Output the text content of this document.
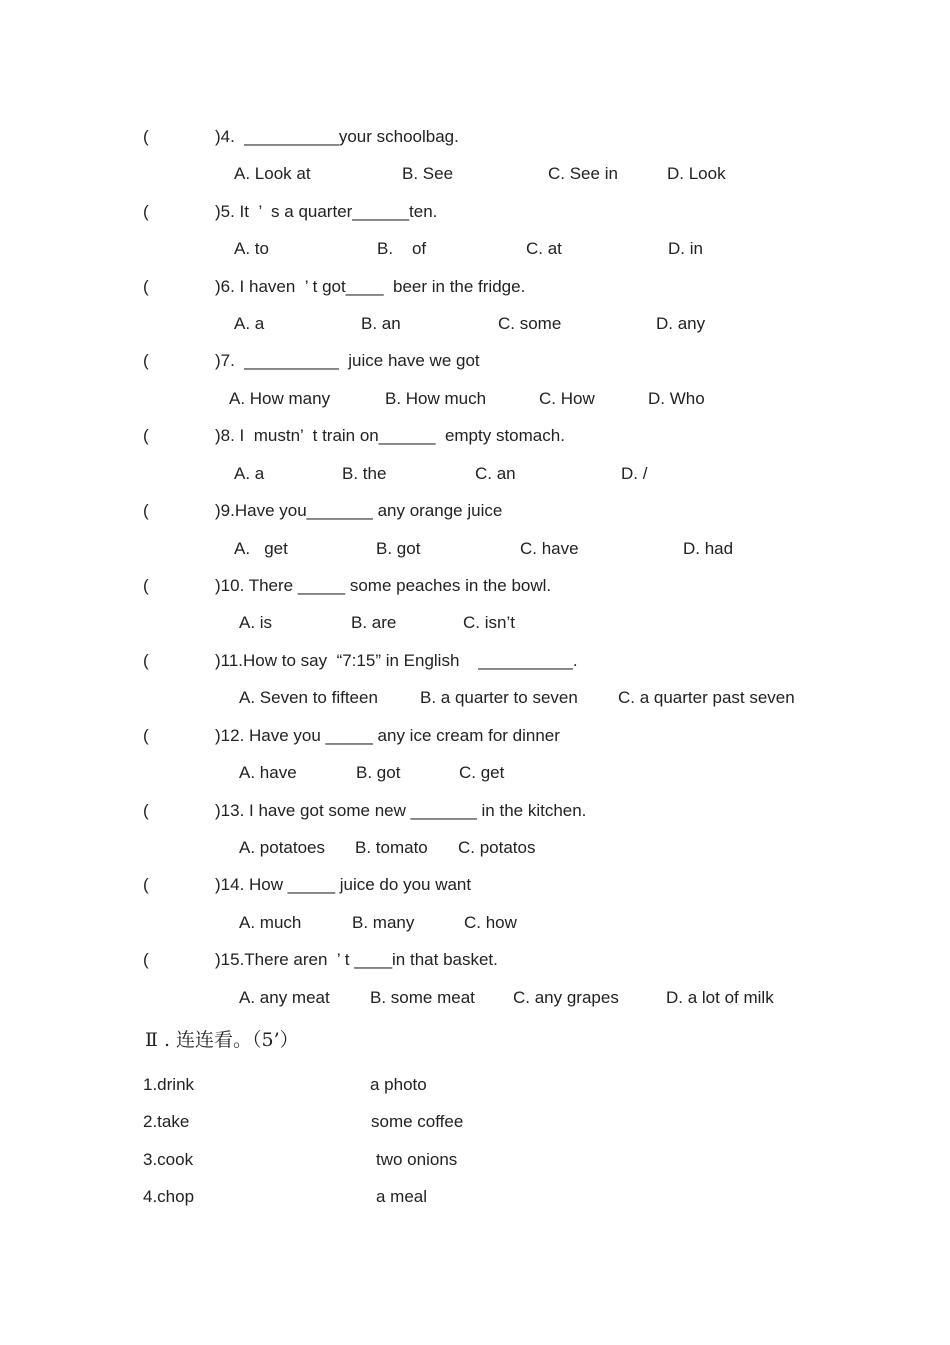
(	)4.  __________your schoolbag.
A. Look at	B. See	C. See in	D. Look
(	)5. It  ’  s a quarter______ten.
A. to	B.    of	C. at	D. in
(	)6. I haven  ’ t got____  beer in the fridge.
A. a	B. an	C. some	D. any
(	)7.  __________  juice have we got
A. How many	B. How much	C. How	D. Who
(	)8. I  mustn’  t train on______  empty stomach.
A. a	B. the	C. an	D. /
(	)9.Have you_______ any orange juice
A.   get	B. got	C. have	D. had
(	)10. There _____ some peaches in the bowl.
A. is	B. are	C. isn’t
(	)11.How to say  “7:15” in English    __________.
A. Seven to fifteen B. a quarter to seven C. a quarter past seven
(	)12. Have you _____ any ice cream for dinner
A. have	B. got	C. get
(	)13. I have got some new _______ in the kitchen.
A. potatoes B. tomato C. potatos
(	)14. How _____ juice do you want
A. much	B. many	C. how
(	)15.There aren  ’ t ____in that basket.
A. any meat B. some meat C. any grapes	D. a lot of milk
Ⅱ . 连连看。（5’）
1.drink	a photo
2.take	some coffee
3.cook	two onions
4.chop	a meal
